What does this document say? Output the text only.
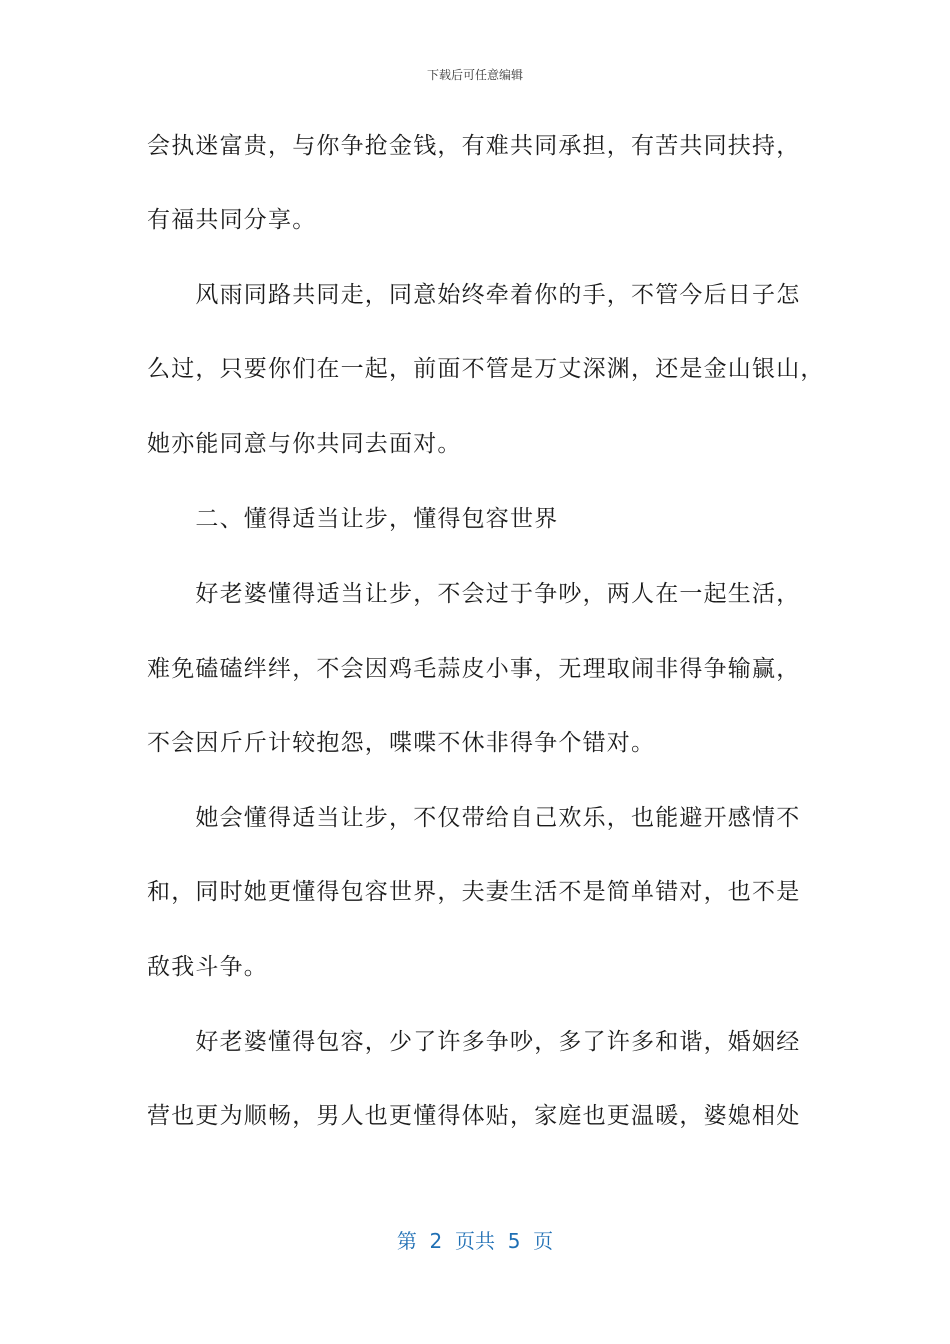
下载后可任意编辑
会执迷富贵，与你争抢金钱，有难共同承担，有苦共同扶持，
有福共同分享。
　　风雨同路共同走，同意始终牵着你的手，不管今后日子怎
么过，只要你们在一起，前面不管是万丈深渊，还是金山银山，
她亦能同意与你共同去面对。
　　二、懂得适当让步，懂得包容世界
　　好老婆懂得适当让步，不会过于争吵，两人在一起生活，
难免磕磕绊绊，不会因鸡毛蒜皮小事，无理取闹非得争输赢，
不会因斤斤计较抱怨，喋喋不休非得争个错对。
　　她会懂得适当让步，不仅带给自己欢乐，也能避开感情不
和，同时她更懂得包容世界，夫妻生活不是简单错对，也不是
敌我斗争。
　　好老婆懂得包容，少了许多争吵，多了许多和谐，婚姻经
营也更为顺畅，男人也更懂得体贴，家庭也更温暖，婆媳相处
第  2  页共  5  页
